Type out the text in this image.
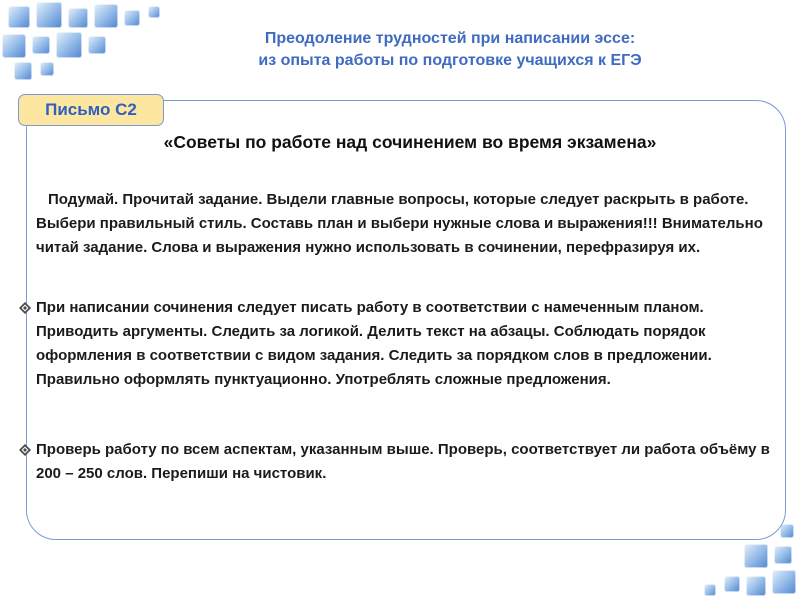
Преодоление трудностей при написании эссе:
из опыта работы по подготовке учащихся к ЕГЭ
Письмо С2
«Советы по работе над сочинением во время экзамена»
Подумай. Прочитай задание. Выдели главные вопросы, которые следует раскрыть в работе. Выбери правильный стиль. Составь план и выбери нужные слова и выражения!!! Внимательно читай задание. Слова и выражения нужно использовать в сочинении, перефразируя их.
При написании сочинения следует писать работу в соответствии с намеченным планом. Приводить аргументы. Следить за логикой. Делить текст на абзацы. Соблюдать порядок оформления в соответствии с видом задания. Следить за порядком слов в предложении. Правильно оформлять пунктуационно. Употреблять сложные предложения.
Проверь работу по всем аспектам, указанным выше. Проверь, соответствует ли работа объёму в 200 – 250 слов. Перепиши на чистовик.
